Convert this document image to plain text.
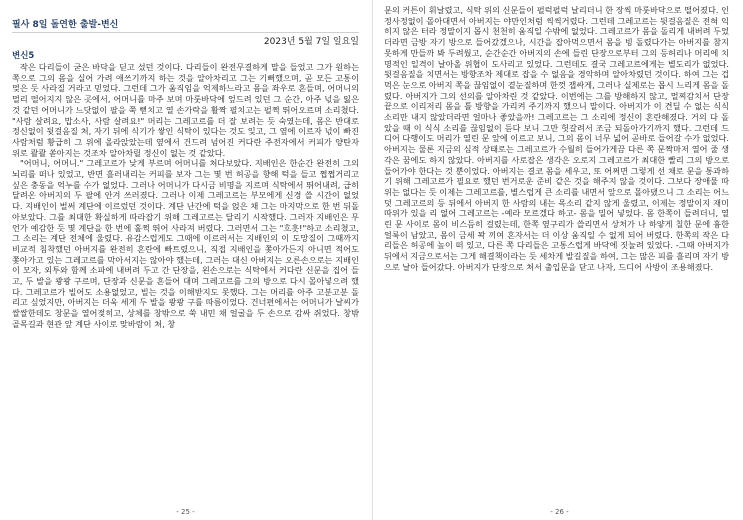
필사 8일 돌연한 출발-변신
2023년 5월 7일 일요일
변신5

작은 다리들이 굳은 바닥을 딛고 섰던 것이다. 다리들이 완전무결하게 말을 들었고 그가 원하는 쪽으로 그의 몸을 실어 가려 애쓰기까지 하는 것을 알아차리고 그는 기뻐했으며, 곧 모든 고통이 멎은 듯 사라질 거라고 믿었다. 그런데 그가 움직임을 억제하느라고 몸을 좌우로 흔들며, 어머니의 멀리 떨어지지 않은 곳에서, 어머니를 마주 보며 마룻바닥에 엎드려 있던 그 순간, 아주 넋을 잃은 것 같던 어머니가 느닷없이 팔을 쭉 뻗치고 열 손가락을 활짝 펼치고는 펄쩍 뛰어오르며 소리쳤다. "사람 살려요, 맙소사, 사람 살려요!" 머리는 그레고르를 더 잘 보려는 듯 숙였는데, 몸은 반대로 정신없이 뒷걸음질 쳐, 자기 뒤에 식기가 쌓인 식탁이 있다는 것도 잊고, 그 옆에 이르자 넋이 빠진 사람처럼 황급히 그 위에 올라앉았는데 옆에서 건드려 넘어진 커다란 주전자에서 커피가 양탄자 위로 콸콸 쏟아지는 것조차 알아차릴 정신이 없는 것 같았다.

"어머니, 어머니." 그레고르가 낮게 부르며 어머니를 쳐다보았다. 지배인은 한순간 완전히 그의 뇌리를 떠나 있었고, 반면 흘러내리는 커피를 보자 그는 몇 번 허공을 향해 턱을 들고 쩝쩝거리고 싶은 충동을 억누를 수가 없었다. 그러나 어머니가 다시금 비명을 지르며 식탁에서 뛰어내려, 급히 달려온 아버지의 두 팔에 안겨 쓰러졌다. 그러나 이제 그레고르는 부모에게 신경 쓸 시간이 없었다. 지배인이 벌써 계단에 이르렀던 것이다. 계단 난간에 턱을 얹은 채 그는 마지막으로 한 번 뒤돌아보았다. 그를 최대한 확실하게 따라잡기 위해 그레고르는 달리기 시작했다. 그러자 지배인은 무언가 예감한 듯 몇 계단을 한 번에 훌쩍 뛰어 사라져 버렸다. 그러면서 그는 "흐흣!"하고 소리쳤고, 그 소리는 계단 전체에 울렸다. 유감스럽게도 그때에 이르러서는 지배인의 이 도망질이 그때까지 비교적 침착했던 아버지를 완전히 혼란에 빠트렸으니, 직접 지배인을 쫓아가든지 아니면 적어도 쫓아가고 있는 그레고르를 막아서지는 않아야 했는데, 그러는 대신 아버지는 오른손으로는 지배인이 모자, 외투와 함께 소파에 내버려 두고 간 단장을, 왼손으로는 식탁에서 커다란 신문을 집어 들고, 두 발을 쾅쾅 구르며, 단장과 신문을 흔들어 대며 그레고르를 그의 방으로 다시 몰아넣으려 했다. 그레고르가 빌어도 소용없었고, 빌는 것을 이해받지도 못했다. 그는 머리를 아주 고분고분 돌리고 싶었지만, 아버지는 더욱 세게 두 발을 쾅쾅 구를 따름이었다. 건너편에서는 어머니가 날씨가 쌀쌀한데도 창문을 열어젖히고, 상체를 창밖으로 쑥 내민 채 얼굴을 두 손으로 감싸 쥐었다. 창밖 골목길과 현관 앞 계단 사이로 맞바람이 쳐, 창

- 25 -

문의 커튼이 휘날렸고, 식탁 위의 신문들이 펄럭펄럭 날리더니 한 장씩 마룻바닥으로 떨어졌다. 인정사정없이 몰아대면서 아버지는 야만인처럼 씩씩거렸다. 그런데 그레고르는 뒷걸음질은 전혀 익히지 않은 터라 정말이지 몹시 천천히 움직일 수밖에 없었다. 그레고르가 몸을 돌리게 내버려 두었더라면 금방 자기 방으로 들어갔겠으나, 시간을 잡아먹으면서 몸을 빙 돌렸다가는 아버지를 참지 못하게 만들까 봐 두려웠고, 순간순간 아버지의 손에 들린 단장으로부터 그의 등허리나 머리에 치명적인 일격이 날아올 위협이 도사리고 있었다. 그런데도 결국 그레고르에게는 별도리가 없었다. 뒷걸음질을 치면서는 방향조차 제대로 잡을 수 없음을 경악하며 알아차렸던 것이다. 하여 그는 겁먹은 눈으로 아버지 쪽을 끊임없이 곁눈질하며 한껏 잽싸게, 그러나 실제로는 몹시 느리게 몸을 돌렸다. 아버지가 그의 선의를 알아차린 것 같았다. 이번에는 그를 방해하지 않고, 멀찌감치서 단장 끝으로 이리저리 몸을 틀 방향을 가리켜 주기까지 했으니 말이다. 아버지가 이 견딜 수 없는 식식 소리만 내지 않았더라면 얼마나 좋았을까! 그레고르는 그 소리에 정신이 혼란해졌다. 거의 다 돌았을 때 이 식식 소리를 끊임없이 듣다 보니 그만 헛갈려서 조금 되돌아가기까지 했다. 그런데 드디어 다행이도 머리가 열린 문 앞에 이르고 보니, 그의 몸이 너무 넓어 곧바로 들어갈 수가 없었다. 아버지는 물론 지금의 심적 상태로는 그레고르가 수월히 들어가게끔 다른 쪽 문짝마저 열어 줄 생각은 꿈에도 하지 않았다. 아버지를 사로잡은 생각은 오로지 그레고르가 최대한 빨리 그의 방으로 들어가야 한다는 것 뿐이었다. 아버지는 결코 몸을 세우고, 또 어쩌면 그렇게 선 채로 문을 통과하기 위해 그레고르가 필요로 했던 번거로운 준비 같은 것을 해주지 않을 것이다. 그보다 장애물 따위는 없다는 듯 이제는 그레고르를, 별스럽게 큰 소리를 내면서 앞으로 몰아댔으니 그 소리는 어느덧 그레고르의 등 뒤에서 아버지 한 사람의 내는 목소리 같지 않게 울렸고, 이제는 정말이지 재미 따위가 있을 리 없어 그레고르는 -예라 모르겠다 하고- 몸을 밀어 넣었다. 몸 한쪽이 들려더니, 열린 문 사이로 몸이 비스듬히 걸렸는데, 한쪽 옆구리가 쓸리면서 상처가 나 하얗게 칠한 문에 흉한 얼룩이 남았고, 몸이 금세 꽉 끼여 혼자서는 더 이상 움직일 수 없게 되어 버렸다. 한쪽의 작은 다리들은 허공에 높이 떠 있고, 다른 쪽 다리들은 고통스럽게 바닥에 짓눌려 있었다. -그때 아버지가 뒤에서 지금으로서는 그게 해결책이라는 듯 세차게 발길질을 하여, 그는 많은 피를 흘리며 자기 방으로 날아 들어갔다. 아버지가 단장으로 쳐서 출입문을 닫고 나자, 드디어 사방이 조용해졌다.

- 26 -
